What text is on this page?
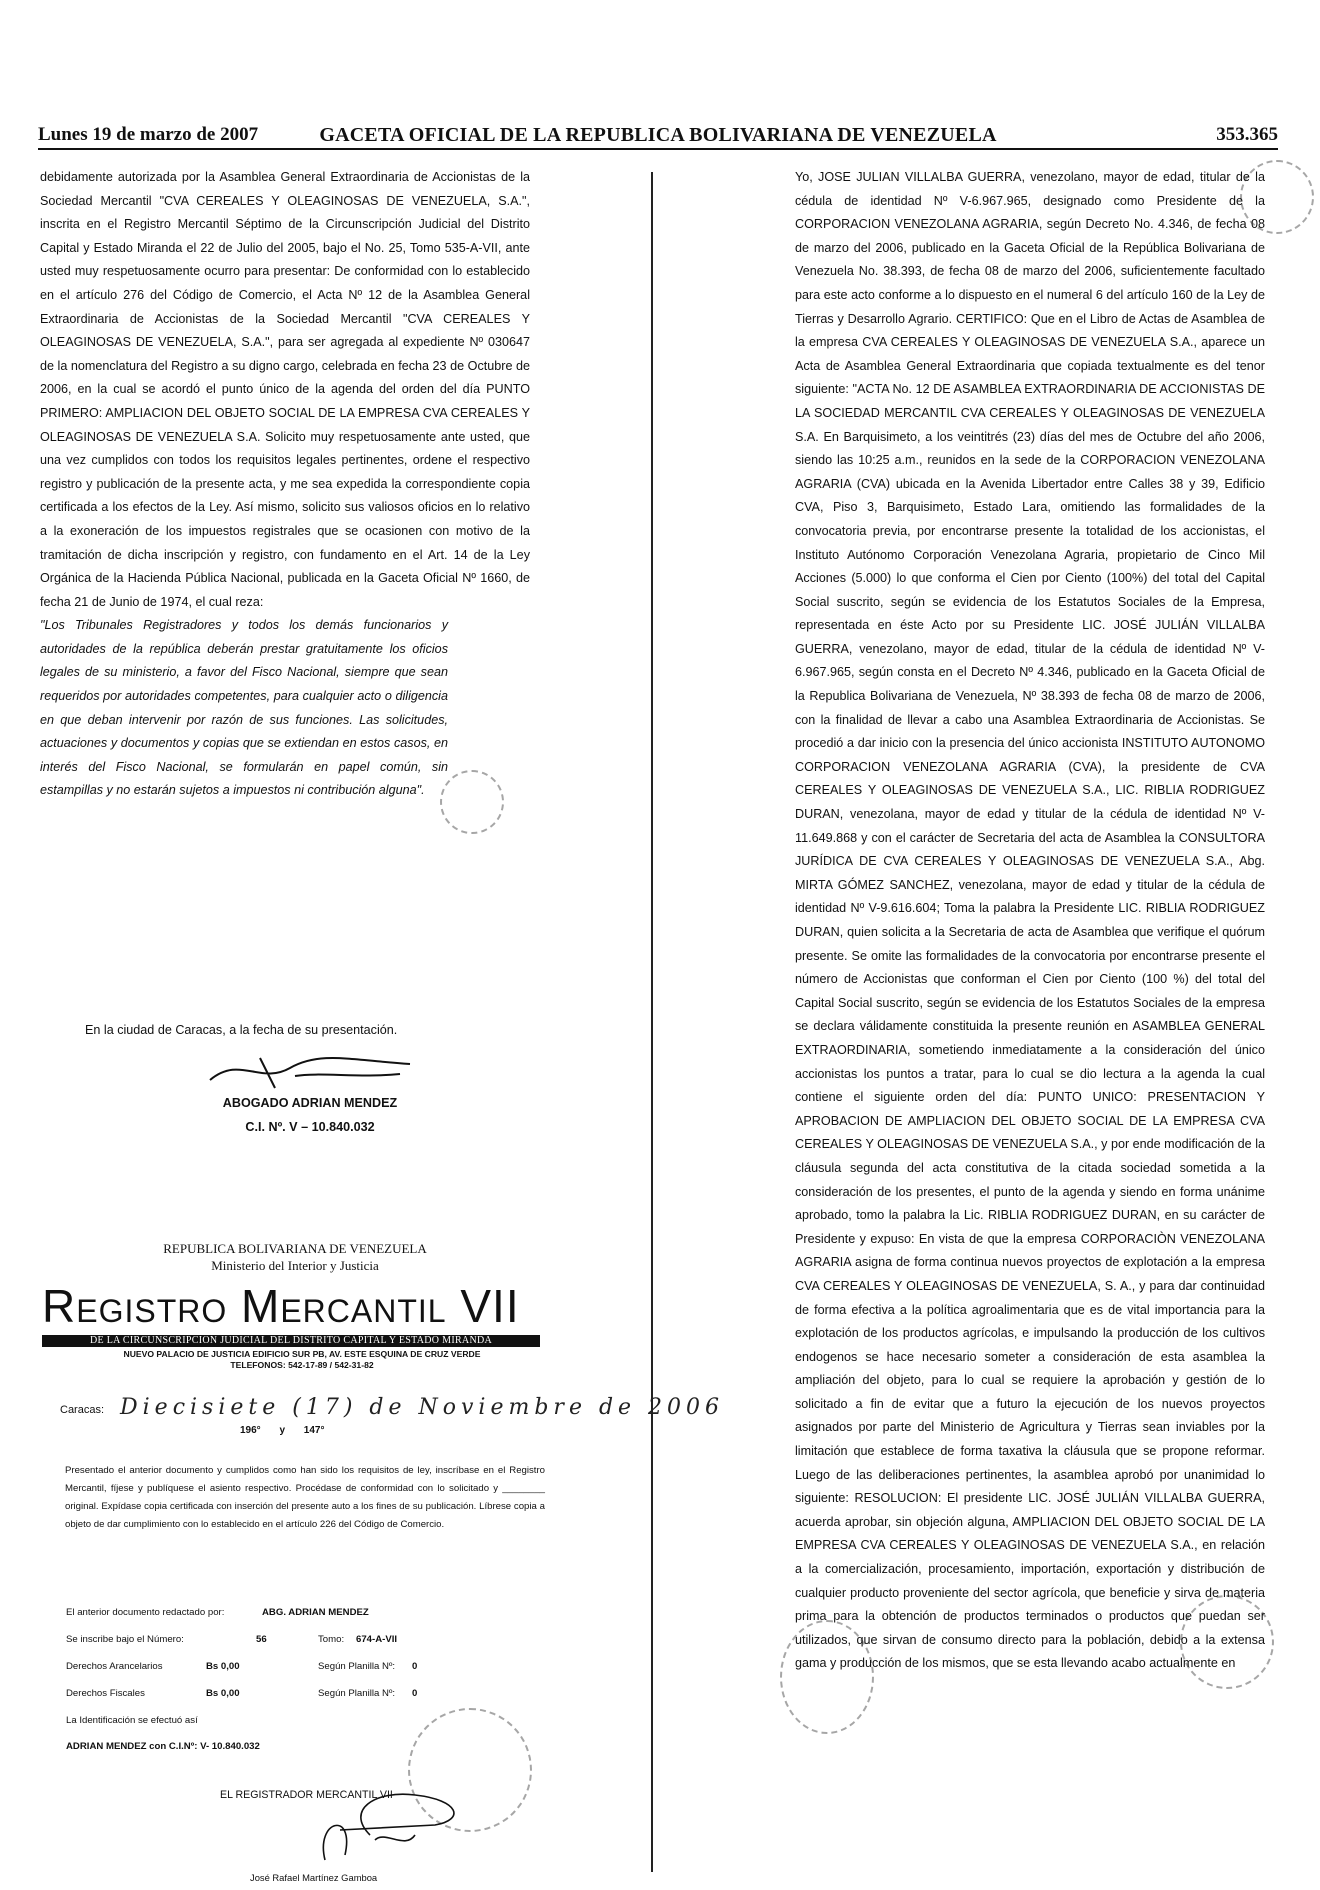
Lunes 19 de marzo de 2007	GACETA OFICIAL DE LA REPUBLICA BOLIVARIANA DE VENEZUELA	353.365

debidamente autorizada por la Asamblea General Extraordinaria de Accionistas de la Sociedad Mercantil "CVA CEREALES Y OLEAGINOSAS DE VENEZUELA, S.A.", inscrita en el Registro Mercantil Séptimo de la Circunscripción Judicial del Distrito Capital y Estado Miranda el 22 de Julio del 2005, bajo el No. 25, Tomo 535-A-VII, ante usted muy respetuosamente ocurro para presentar: De conformidad con lo establecido en el artículo 276 del Código de Comercio, el Acta Nº 12 de la Asamblea General Extraordinaria de Accionistas de la Sociedad Mercantil "CVA CEREALES Y OLEAGINOSAS DE VENEZUELA, S.A.", para ser agregada al expediente Nº 030647 de la nomenclatura del Registro a su digno cargo, celebrada en fecha 23 de Octubre de 2006, en la cual se acordó el punto único de la agenda del orden del día PUNTO PRIMERO: AMPLIACION DEL OBJETO SOCIAL DE LA EMPRESA CVA CEREALES Y OLEAGINOSAS DE VENEZUELA S.A. Solicito muy respetuosamente ante usted, que una vez cumplidos con todos los requisitos legales pertinentes, ordene el respectivo registro y publicación de la presente acta, y me sea expedida la correspondiente copia certificada a los efectos de la Ley. Así mismo, solicito sus valiosos oficios en lo relativo a la exoneración de los impuestos registrales que se ocasionen con motivo de la tramitación de dicha inscripción y registro, con fundamento en el Art. 14 de la Ley Orgánica de la Hacienda Pública Nacional, publicada en la Gaceta Oficial Nº 1660, de fecha 21 de Junio de 1974, el cual reza:

"Los Tribunales Registradores y todos los demás funcionarios y autoridades de la república deberán prestar gratuitamente los oficios legales de su ministerio, a favor del Fisco Nacional, siempre que sean requeridos por autoridades competentes, para cualquier acto o diligencia en que deban intervenir por razón de sus funciones. Las solicitudes, actuaciones y documentos y copias que se extiendan en estos casos, en interés del Fisco Nacional, se formularán en papel común, sin estampillas y no estarán sujetos a impuestos ni contribución alguna".

En la ciudad de Caracas, a la fecha de su presentación.
ABOGADO ADRIAN MENDEZ
C.I. Nº. V – 10.840.032
REPUBLICA BOLIVARIANA DE VENEZUELA
Ministerio del Interior y Justicia
Registro Mercantil VII
DE LA CIRCUNSCRIPCION JUDICIAL DEL DISTRITO CAPITAL Y ESTADO MIRANDA
NUEVO PALACIO DE JUSTICIA EDIFICIO SUR PB, AV. ESTE ESQUINA DE CRUZ VERDE
TELEFONOS: 542-17-89 / 542-31-82
Caracas: Diecisiete (17) de Noviembre de 2006
196° y 147°
Presentado el anterior documento y cumplidos como han sido los requisitos de ley, inscríbase en el Registro Mercantil, fíjese y publíquese el asiento respectivo. Procédase de conformidad con lo solicitado y ________ original. Expídase copia certificada con inserción del presente auto a los fines de su publicación. Líbrese copia a objeto de dar cumplimiento con lo establecido en el artículo 226 del Código de Comercio.
El anterior documento redactado por:	ABG. ADRIAN MENDEZ
Se inscribe bajo el Número:	56	Tomo: 674-A-VII
Derechos Arancelarios	Bs 0,00	Según Planilla Nº: 0
Derechos Fiscales	Bs 0,00	Según Planilla Nº: 0
La Identificación se efectuó así
ADRIAN MENDEZ con C.I.Nº: V- 10.840.032
EL REGISTRADOR MERCANTIL VII
José Rafael Martínez Gamboa

Yo, JOSE JULIAN VILLALBA GUERRA, venezolano, mayor de edad, titular de la cédula de identidad Nº V-6.967.965, designado como Presidente de la CORPORACION VENEZOLANA AGRARIA, según Decreto No. 4.346, de fecha 08 de marzo del 2006, publicado en la Gaceta Oficial de la República Bolivariana de Venezuela No. 38.393, de fecha 08 de marzo del 2006, suficientemente facultado para este acto conforme a lo dispuesto en el numeral 6 del artículo 160 de la Ley de Tierras y Desarrollo Agrario. CERTIFICO: Que en el Libro de Actas de Asamblea de la empresa CVA CEREALES Y OLEAGINOSAS DE VENEZUELA S.A., aparece un Acta de Asamblea General Extraordinaria que copiada textualmente es del tenor siguiente: "ACTA No. 12 DE ASAMBLEA EXTRAORDINARIA DE ACCIONISTAS DE LA SOCIEDAD MERCANTIL CVA CEREALES Y OLEAGINOSAS DE VENEZUELA S.A. En Barquisimeto, a los veintitrés (23) días del mes de Octubre del año 2006, siendo las 10:25 a.m., reunidos en la sede de la CORPORACION VENEZOLANA AGRARIA (CVA) ubicada en la Avenida Libertador entre Calles 38 y 39, Edificio CVA, Piso 3, Barquisimeto, Estado Lara, omitiendo las formalidades de la convocatoria previa, por encontrarse presente la totalidad de los accionistas, el Instituto Autónomo Corporación Venezolana Agraria, propietario de Cinco Mil Acciones (5.000) lo que conforma el Cien por Ciento (100%) del total del Capital Social suscrito, según se evidencia de los Estatutos Sociales de la Empresa, representada en éste Acto por su Presidente LIC. JOSÉ JULIÁN VILLALBA GUERRA, venezolano, mayor de edad, titular de la cédula de identidad Nº V- 6.967.965, según consta en el Decreto Nº 4.346, publicado en la Gaceta Oficial de la Republica Bolivariana de Venezuela, Nº 38.393 de fecha 08 de marzo de 2006, con la finalidad de llevar a cabo una Asamblea Extraordinaria de Accionistas. Se procedió a dar inicio con la presencia del único accionista INSTITUTO AUTONOMO CORPORACION VENEZOLANA AGRARIA (CVA), la presidente de CVA CEREALES Y OLEAGINOSAS DE VENEZUELA S.A., LIC. RIBLIA RODRIGUEZ DURAN, venezolana, mayor de edad y titular de la cédula de identidad Nº V- 11.649.868 y con el carácter de Secretaria del acta de Asamblea la CONSULTORA JURÍDICA DE CVA CEREALES Y OLEAGINOSAS DE VENEZUELA S.A., Abg. MIRTA GÓMEZ SANCHEZ, venezolana, mayor de edad y titular de la cédula de identidad Nº V-9.616.604; Toma la palabra la Presidente LIC. RIBLIA RODRIGUEZ DURAN, quien solicita a la Secretaria de acta de Asamblea que verifique el quórum presente. Se omite las formalidades de la convocatoria por encontrarse presente el número de Accionistas que conforman el Cien por Ciento (100 %) del total del Capital Social suscrito, según se evidencia de los Estatutos Sociales de la empresa se declara válidamente constituida la presente reunión en ASAMBLEA GENERAL EXTRAORDINARIA, sometiendo inmediatamente a la consideración del único accionistas los puntos a tratar, para lo cual se dio lectura a la agenda la cual contiene el siguiente orden del día: PUNTO UNICO: PRESENTACION Y APROBACION DE AMPLIACION DEL OBJETO SOCIAL DE LA EMPRESA CVA CEREALES Y OLEAGINOSAS DE VENEZUELA S.A., y por ende modificación de la cláusula segunda del acta constitutiva de la citada sociedad sometida a la consideración de los presentes, el punto de la agenda y siendo en forma unánime aprobado, tomo la palabra la Lic. RIBLIA RODRIGUEZ DURAN, en su carácter de Presidente y expuso: En vista de que la empresa CORPORACIÒN VENEZOLANA AGRARIA asigna de forma continua nuevos proyectos de explotación a la empresa CVA CEREALES Y OLEAGINOSAS DE VENEZUELA, S. A., y para dar continuidad de forma efectiva a la política agroalimentaria que es de vital importancia para la explotación de los productos agrícolas, e impulsando la producción de los cultivos endogenos se hace necesario someter a consideración de esta asamblea la ampliación del objeto, para lo cual se requiere la aprobación y gestión de lo solicitado a fin de evitar que a futuro la ejecución de los nuevos proyectos asignados por parte del Ministerio de Agricultura y Tierras sean inviables por la limitación que establece de forma taxativa la cláusula que se propone reformar. Luego de las deliberaciones pertinentes, la asamblea aprobó por unanimidad lo siguiente: RESOLUCION: El presidente LIC. JOSÉ JULIÁN VILLALBA GUERRA, acuerda aprobar, sin objeción alguna, AMPLIACION DEL OBJETO SOCIAL DE LA EMPRESA CVA CEREALES Y OLEAGINOSAS DE VENEZUELA S.A., en relación a la comercialización, procesamiento, importación, exportación y distribución de cualquier producto proveniente del sector agrícola, que beneficie y sirva de materia prima para la obtención de productos terminados o productos que puedan ser utilizados, que sirvan de consumo directo para la población, debido a la extensa gama y producción de los mismos, que se esta llevando acabo actualmente en
